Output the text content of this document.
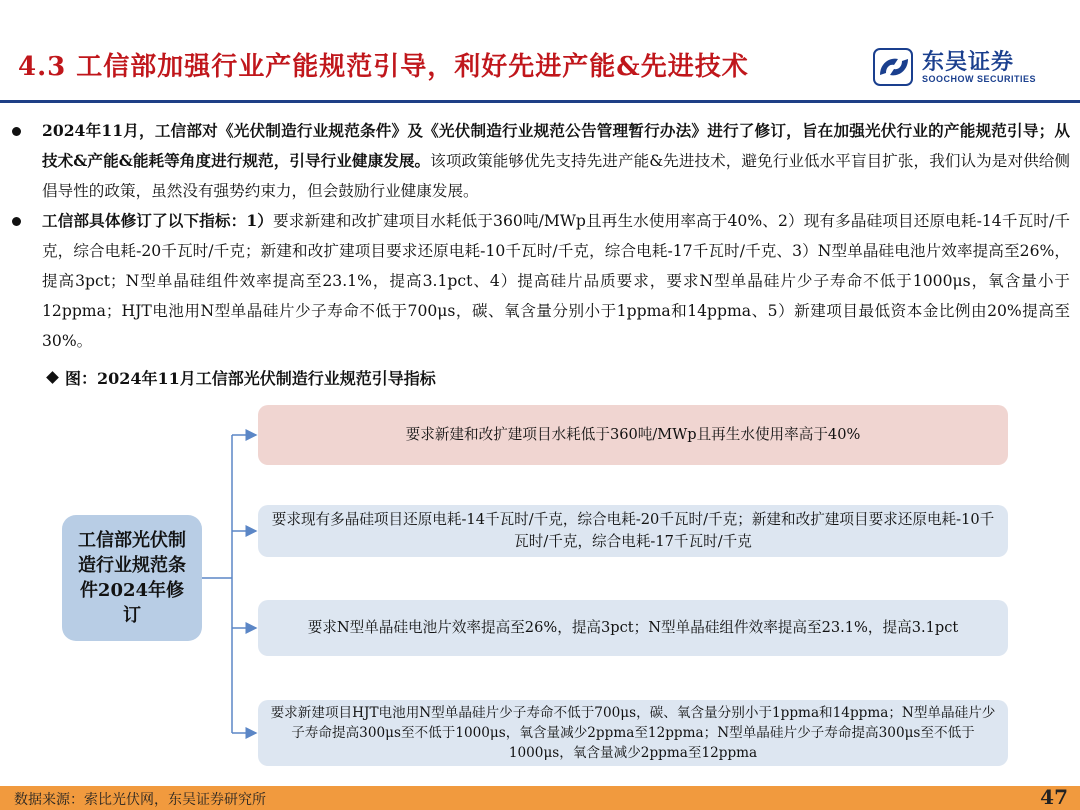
4.3 工信部加强行业产能规范引导，利好先进产能&先进技术	东吴证券
SOOCHOW SECURITIES
2024年11月，工信部对《光伏制造行业规范条件》及《光伏制造行业规范公告管理暂行办法》进行了修订，旨在加强光伏行业的产能规范引导；从技术&产能&能耗等角度进行规范，引导行业健康发展。该项政策能够优先支持先进产能&先进技术，避免行业低水平盲目扩张，我们认为是对供给侧倡导性的政策，虽然没有强势约束力，但会鼓励行业健康发展。
工信部具体修订了以下指标：1）要求新建和改扩建项目水耗低于360吨/MWp且再生水使用率高于40%、2）现有多晶硅项目还原电耗-14千瓦时/千克，综合电耗-20千瓦时/千克；新建和改扩建项目要求还原电耗-10千瓦时/千克，综合电耗-17千瓦时/千克、3）N型单晶硅电池片效率提高至26%，提高3pct；N型单晶硅组件效率提高至23.1%，提高3.1pct、4）提高硅片品质要求，要求N型单晶硅片少子寿命不低于1000μs，氧含量小于12ppma；HJT电池用N型单晶硅片少子寿命不低于700μs，碳、氧含量分别小于1ppma和14ppma、5）新建项目最低资本金比例由20%提高至30%。
图：2024年11月工信部光伏制造行业规范引导指标
工信部光伏制造行业规范条件2024年修订
要求新建和改扩建项目水耗低于360吨/MWp且再生水使用率高于40%
要求现有多晶硅项目还原电耗-14千瓦时/千克，综合电耗-20千瓦时/千克；新建和改扩建项目要求还原电耗-10千瓦时/千克，综合电耗-17千瓦时/千克
要求N型单晶硅电池片效率提高至26%，提高3pct；N型单晶硅组件效率提高至23.1%，提高3.1pct
要求新建项目HJT电池用N型单晶硅片少子寿命不低于700μs，碳、氧含量分别小于1ppma和14ppma；N型单晶硅片少子寿命提高300μs至不低于1000μs，氧含量减少2ppma至12ppma；N型单晶硅片少子寿命提高300μs至不低于1000μs，氧含量减少2ppma至12ppma
数据来源：索比光伏网，东吴证券研究所	47
